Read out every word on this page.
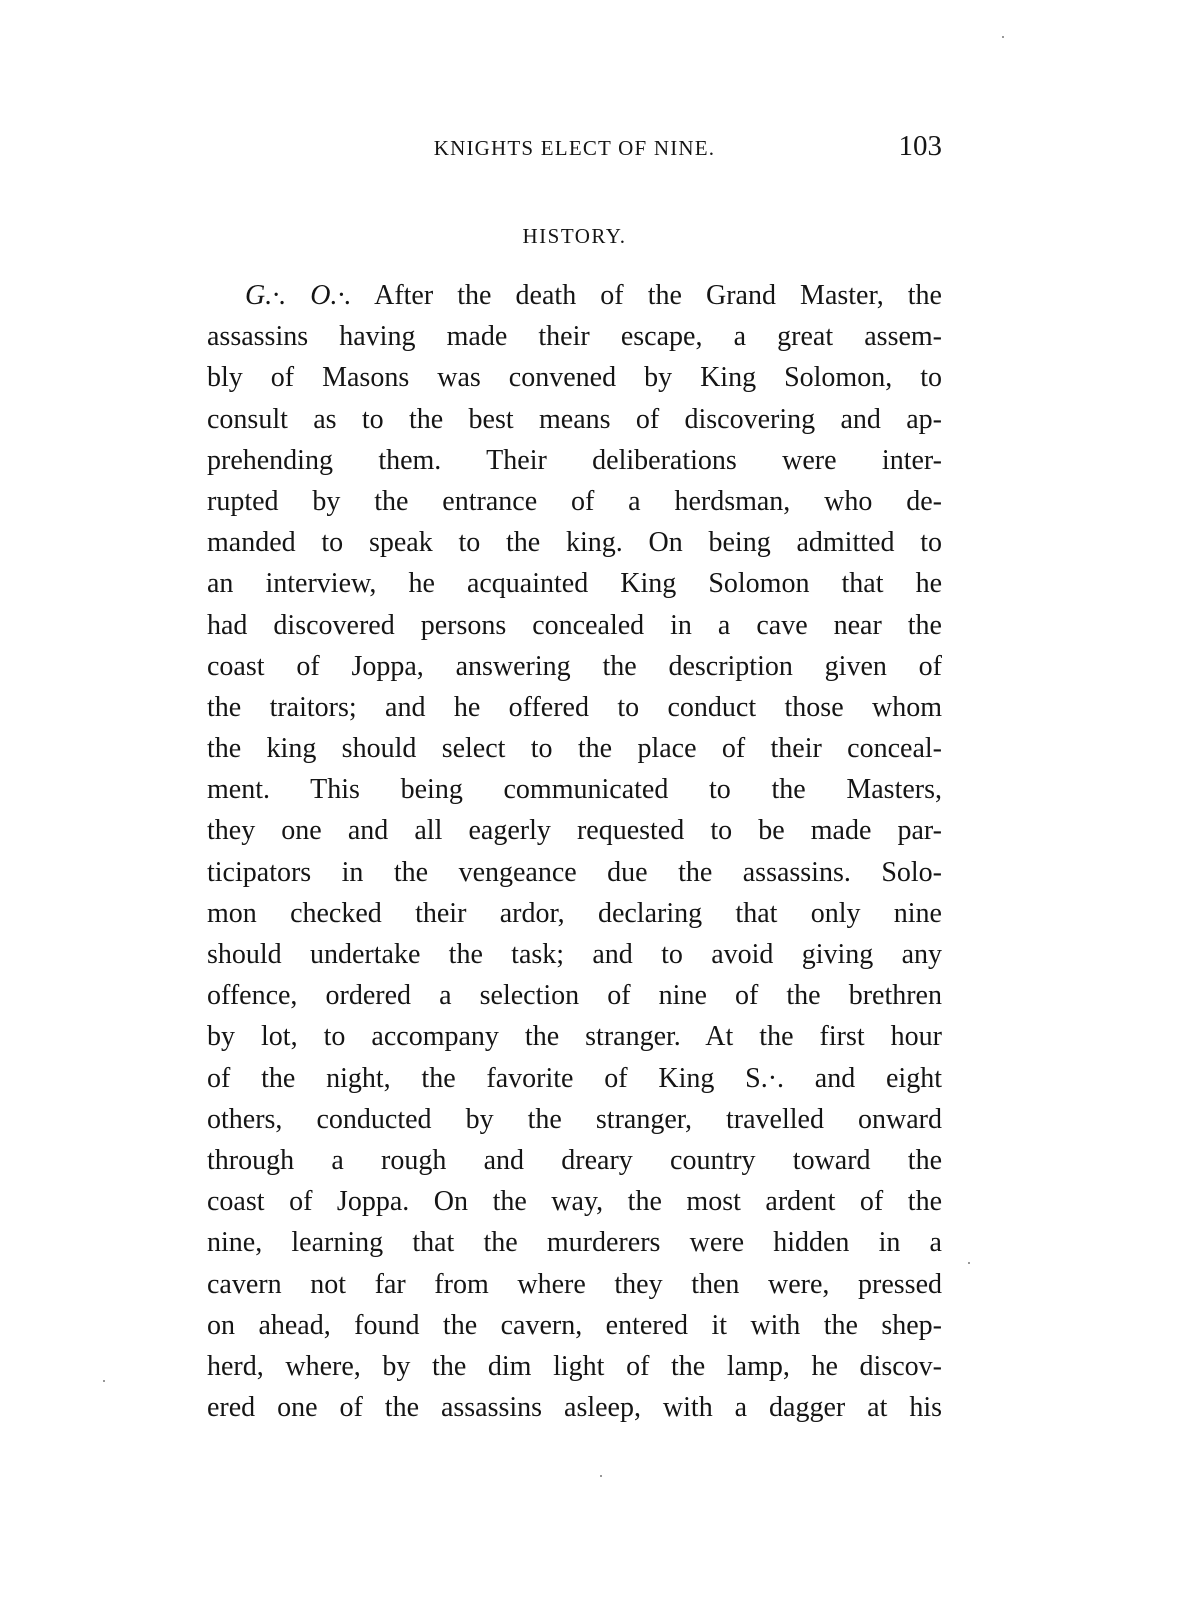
KNIGHTS ELECT OF NINE.	103
HISTORY.
G.·. O.·. After the death of the Grand Master, the
assassins having made their escape, a great assem-
bly of Masons was convened by King Solomon, to
consult as to the best means of discovering and ap-
prehending them. Their deliberations were inter-
rupted by the entrance of a herdsman, who de-
manded to speak to the king. On being admitted to
an interview, he acquainted King Solomon that he
had discovered persons concealed in a cave near the
coast of Joppa, answering the description given of
the traitors; and he offered to conduct those whom
the king should select to the place of their conceal-
ment. This being communicated to the Masters,
they one and all eagerly requested to be made par-
ticipators in the vengeance due the assassins. Solo-
mon checked their ardor, declaring that only nine
should undertake the task; and to avoid giving any
offence, ordered a selection of nine of the brethren
by lot, to accompany the stranger. At the first hour
of the night, the favorite of King S.·. and eight
others, conducted by the stranger, travelled onward
through a rough and dreary country toward the
coast of Joppa. On the way, the most ardent of the
nine, learning that the murderers were hidden in a
cavern not far from where they then were, pressed
on ahead, found the cavern, entered it with the shep-
herd, where, by the dim light of the lamp, he discov-
ered one of the assassins asleep, with a dagger at his
